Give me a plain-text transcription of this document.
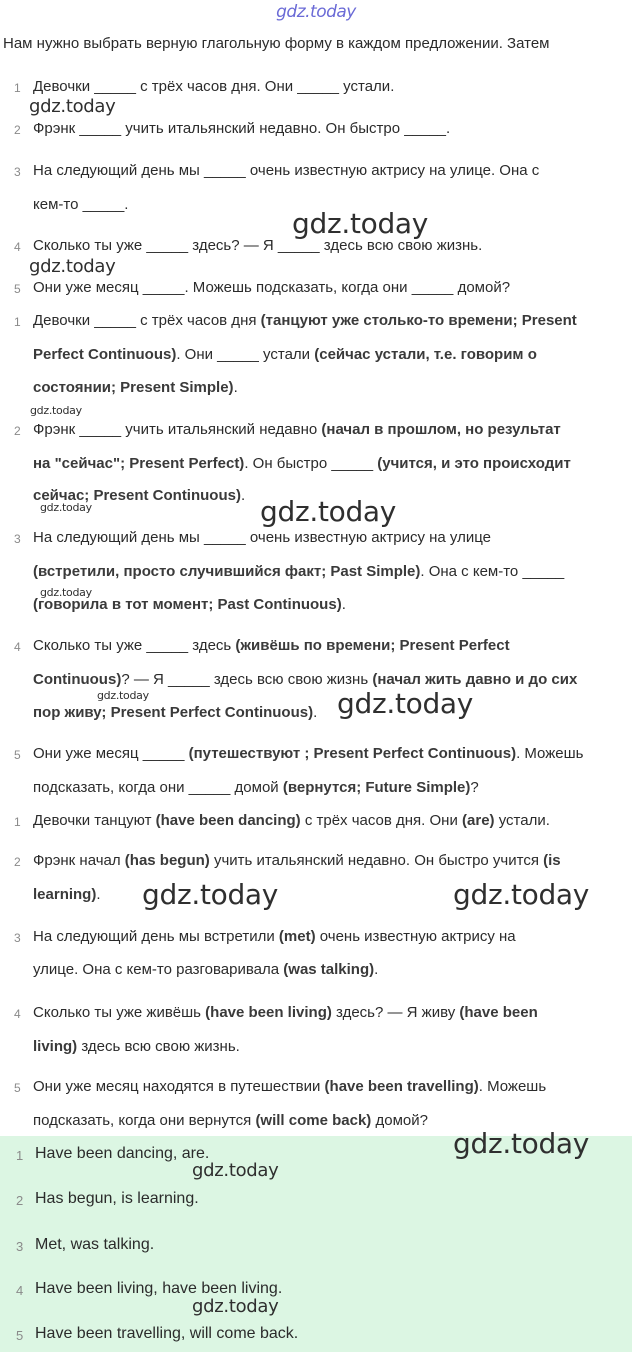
gdz.today
Нам нужно выбрать верную глагольную форму в каждом предложении. Затем
1 Девочки _____ с трёх часов дня. Они _____ устали.
2 Фрэнк _____ учить итальянский недавно. Он быстро _____.
3 На следующий день мы _____ очень известную актрису на улице. Она с
кем-то _____.
4 Сколько ты уже _____ здесь? — Я _____ здесь всю свою жизнь.
5 Они уже месяц _____. Можешь подсказать, когда они _____ домой?
1 Девочки _____ с трёх часов дня (танцуют уже столько-то времени; Present
Perfect Continuous). Они _____ устали (сейчас устали, т.е. говорим о
состоянии; Present Simple).
2 Фрэнк _____ учить итальянский недавно (начал в прошлом, но результат
на "сейчас"; Present Perfect). Он быстро _____ (учится, и это происходит
сейчас; Present Continuous).
3 На следующий день мы _____ очень известную актрису на улице
(встретили, просто случившийся факт; Past Simple). Она с кем-то _____
(говорила в тот момент; Past Continuous).
4 Сколько ты уже _____ здесь (живёшь по времени; Present Perfect
Continuous)? — Я _____ здесь всю свою жизнь (начал жить давно и до сих
пор живу; Present Perfect Continuous).
5 Они уже месяц _____ (путешествуют ; Present Perfect Continuous). Можешь
подсказать, когда они _____ домой (вернутся; Future Simple)?
1 Девочки танцуют (have been dancing) с трёх часов дня. Они (are) устали.
2 Фрэнк начал (has begun) учить итальянский недавно. Он быстро учится (is
learning).
3 На следующий день мы встретили (met) очень известную актрису на
улице. Она с кем-то разговаривала (was talking).
4 Сколько ты уже живёшь (have been living) здесь? — Я живу (have been
living) здесь всю свою жизнь.
5 Они уже месяц находятся в путешествии (have been travelling). Можешь
подсказать, когда они вернутся (will come back) домой?
1 Have been dancing, are.
2 Has begun, is learning.
3 Met, was talking.
4 Have been living, have been living.
5 Have been travelling, will come back.
gdz.today
gdz.today
gdz.today
gdz.today
gdz.today	gdz.today
gdz.today
gdz.today	gdz.today
gdz.today	gdz.today
gdz.today
gdz.today
gdz.today
